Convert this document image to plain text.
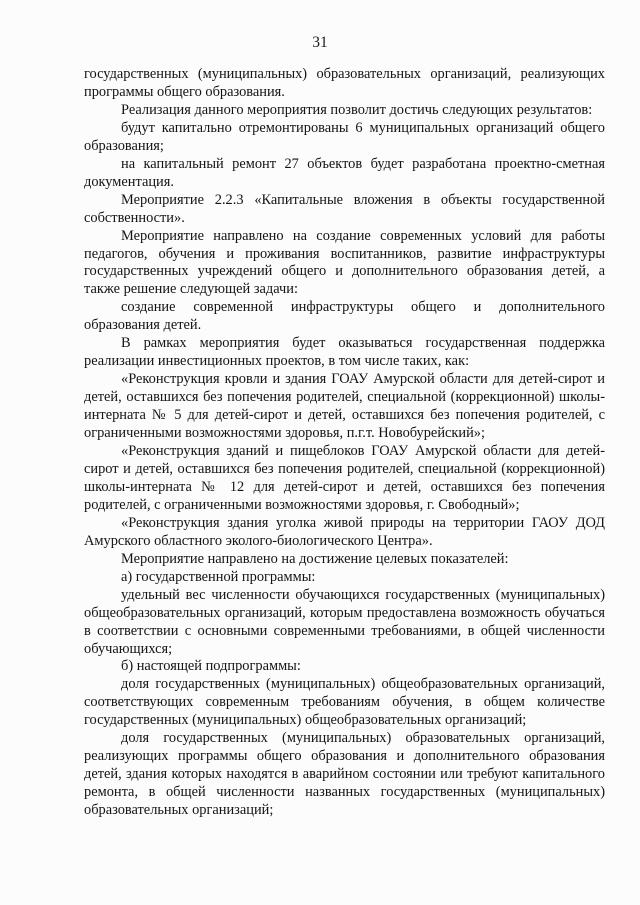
31

государственных (муниципальных) образовательных организаций, реализующих программы общего образования.

Реализация данного мероприятия позволит достичь следующих результатов:

будут капитально отремонтированы 6 муниципальных организаций общего образования;

на капитальный ремонт 27 объектов будет разработана проектно-сметная документация.

Мероприятие 2.2.3 «Капитальные вложения в объекты государственной собственности».

Мероприятие направлено на создание современных условий для работы педагогов, обучения и проживания воспитанников, развитие инфраструктуры государственных учреждений общего и дополнительного образования детей, а также решение следующей задачи:

создание современной инфраструктуры общего и дополнительного образования детей.

В рамках мероприятия будет оказываться государственная поддержка реализации инвестиционных проектов, в том числе таких, как:

«Реконструкция кровли и здания ГОАУ Амурской области для детей-сирот и детей, оставшихся без попечения родителей, специальной (коррекционной) школы-интерната № 5 для детей-сирот и детей, оставшихся без попечения родителей, с ограниченными возможностями здоровья, п.г.т. Новобурейский»;

«Реконструкция зданий и пищеблоков ГОАУ Амурской области для детей-сирот и детей, оставшихся без попечения родителей, специальной (коррекционной) школы-интерната № 12 для детей-сирот и детей, оставшихся без попечения родителей, с ограниченными возможностями здоровья, г. Свободный»;

«Реконструкция здания уголка живой природы на территории ГАОУ ДОД Амурского областного эколого-биологического Центра».

Мероприятие направлено на достижение целевых показателей:

а) государственной программы:

удельный вес численности обучающихся государственных (муниципальных) общеобразовательных организаций, которым предоставлена возможность обучаться в соответствии с основными современными требованиями, в общей численности обучающихся;

б) настоящей подпрограммы:

доля государственных (муниципальных) общеобразовательных организаций, соответствующих современным требованиям обучения, в общем количестве государственных (муниципальных) общеобразовательных организаций;

доля государственных (муниципальных) образовательных организаций, реализующих программы общего образования и дополнительного образования детей, здания которых находятся в аварийном состоянии или требуют капитального ремонта, в общей численности названных государственных (муниципальных) образовательных организаций;
